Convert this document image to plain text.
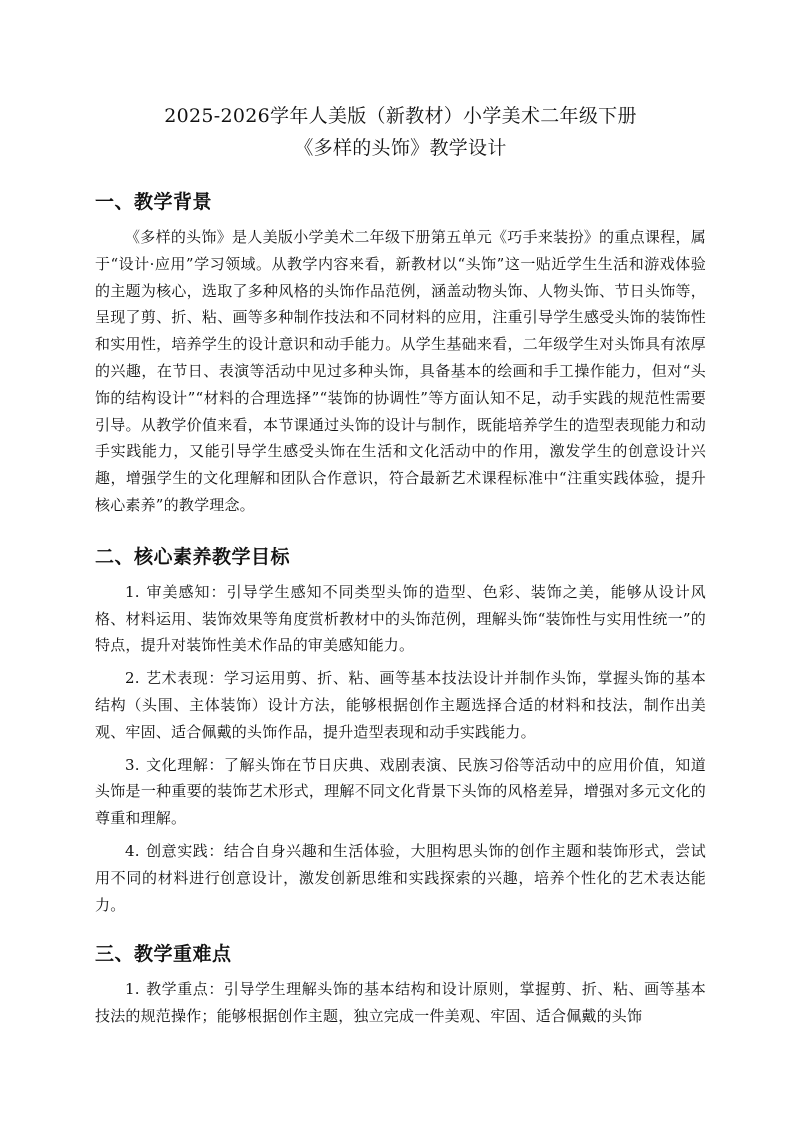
2025-2026学年人美版（新教材）小学美术二年级下册
《多样的头饰》教学设计
一、教学背景

《多样的头饰》是人美版小学美术二年级下册第五单元《巧手来装扮》的重点课程，属于“设计·应用”学习领域。从教学内容来看，新教材以“头饰”这一贴近学生生活和游戏体验的主题为核心，选取了多种风格的头饰作品范例，涵盖动物头饰、人物头饰、节日头饰等，呈现了剪、折、粘、画等多种制作技法和不同材料的应用，注重引导学生感受头饰的装饰性和实用性，培养学生的设计意识和动手能力。从学生基础来看，二年级学生对头饰具有浓厚的兴趣，在节日、表演等活动中见过多种头饰，具备基本的绘画和手工操作能力，但对“头饰的结构设计”“材料的合理选择”“装饰的协调性”等方面认知不足，动手实践的规范性需要引导。从教学价值来看，本节课通过头饰的设计与制作，既能培养学生的造型表现能力和动手实践能力，又能引导学生感受头饰在生活和文化活动中的作用，激发学生的创意设计兴趣，增强学生的文化理解和团队合作意识，符合最新艺术课程标准中“注重实践体验，提升核心素养”的教学理念。

二、核心素养教学目标

1. 审美感知：引导学生感知不同类型头饰的造型、色彩、装饰之美，能够从设计风格、材料运用、装饰效果等角度赏析教材中的头饰范例，理解头饰“装饰性与实用性统一”的特点，提升对装饰性美术作品的审美感知能力。

2. 艺术表现：学习运用剪、折、粘、画等基本技法设计并制作头饰，掌握头饰的基本结构（头围、主体装饰）设计方法，能够根据创作主题选择合适的材料和技法，制作出美观、牢固、适合佩戴的头饰作品，提升造型表现和动手实践能力。

3. 文化理解：了解头饰在节日庆典、戏剧表演、民族习俗等活动中的应用价值，知道头饰是一种重要的装饰艺术形式，理解不同文化背景下头饰的风格差异，增强对多元文化的尊重和理解。

4. 创意实践：结合自身兴趣和生活体验，大胆构思头饰的创作主题和装饰形式，尝试用不同的材料进行创意设计，激发创新思维和实践探索的兴趣，培养个性化的艺术表达能力。

三、教学重难点

1. 教学重点：引导学生理解头饰的基本结构和设计原则，掌握剪、折、粘、画等基本技法的规范操作；能够根据创作主题，独立完成一件美观、牢固、适合佩戴的头饰
